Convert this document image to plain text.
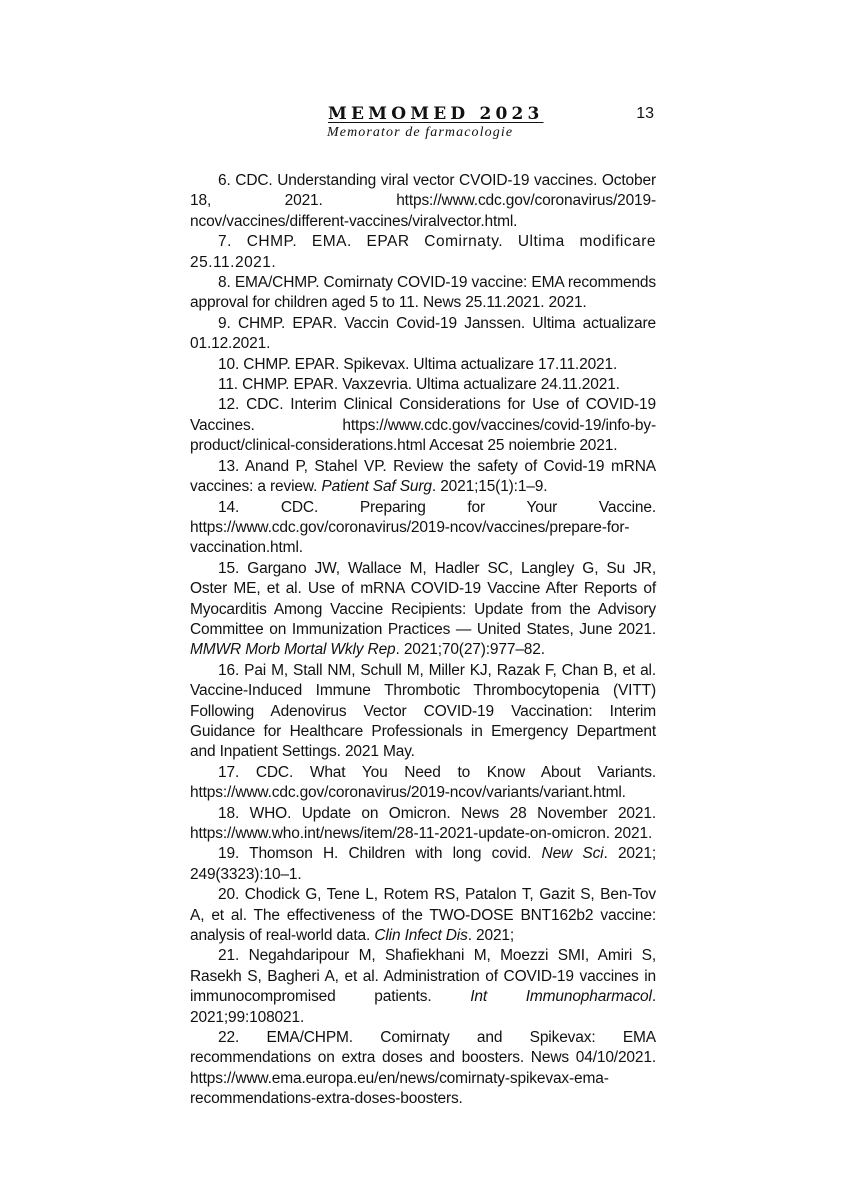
MEMOMED 2023
Memorator de farmacologie
13
6. CDC. Understanding viral vector CVOID-19 vaccines. October 18, 2021. https://www.cdc.gov/coronavirus/2019-ncov/vaccines/different-vaccines/viralvector.html.
7. CHMP. EMA. EPAR Comirnaty. Ultima modificare 25.11.2021.
8. EMA/CHMP. Comirnaty COVID-19 vaccine: EMA recommends approval for children aged 5 to 11. News 25.11.2021. 2021.
9. CHMP. EPAR. Vaccin Covid-19 Janssen. Ultima actualizare 01.12.2021.
10. CHMP. EPAR. Spikevax. Ultima actualizare 17.11.2021.
11. CHMP. EPAR. Vaxzevria. Ultima actualizare 24.11.2021.
12. CDC. Interim Clinical Considerations for Use of COVID-19 Vaccines. https://www.cdc.gov/vaccines/covid-19/info-by-product/clinical-considerations.html Accesat 25 noiembrie 2021.
13. Anand P, Stahel VP. Review the safety of Covid-19 mRNA vaccines: a review. Patient Saf Surg. 2021;15(1):1–9.
14.	CDC. Preparing for Your Vaccine. https://www.cdc.gov/coronavirus/2019-ncov/vaccines/prepare-for-vaccination.html.
15. Gargano JW, Wallace M, Hadler SC, Langley G, Su JR, Oster ME, et al. Use of mRNA COVID-19 Vaccine After Reports of Myocarditis Among Vaccine Recipients: Update from the Advisory Committee on Immunization Practices — United States, June 2021. MMWR Morb Mortal Wkly Rep. 2021;70(27):977–82.
16. Pai M, Stall NM, Schull M, Miller KJ, Razak F, Chan B, et al. Vaccine-Induced Immune Thrombotic Thrombocytopenia (VITT) Following Adenovirus Vector COVID-19 Vaccination: Interim Guidance for Healthcare Professionals in Emergency Department and Inpatient Settings. 2021 May.
17. CDC. What You Need to Know About Variants. https://www.cdc.gov/coronavirus/2019-ncov/variants/variant.html.
18. WHO. Update on Omicron. News 28 November 2021. https://www.who.int/news/item/28-11-2021-update-on-omicron. 2021.
19. Thomson H. Children with long covid. New Sci. 2021; 249(3323):10–1.
20. Chodick G, Tene L, Rotem RS, Patalon T, Gazit S, Ben-Tov A, et al. The effectiveness of the TWO-DOSE BNT162b2 vaccine: analysis of real-world data. Clin Infect Dis. 2021;
21. Negahdaripour M, Shafiekhani M, Moezzi SMI, Amiri S, Rasekh S, Bagheri A, et al. Administration of COVID-19 vaccines in immunocompromised patients. Int Immunopharmacol. 2021;99:108021.
22. EMA/CHPM. Comirnaty and Spikevax: EMA recommendations on extra doses and boosters. News 04/10/2021. https://www.ema.europa.eu/en/news/comirnaty-spikevax-ema-recommendations-extra-doses-boosters.
